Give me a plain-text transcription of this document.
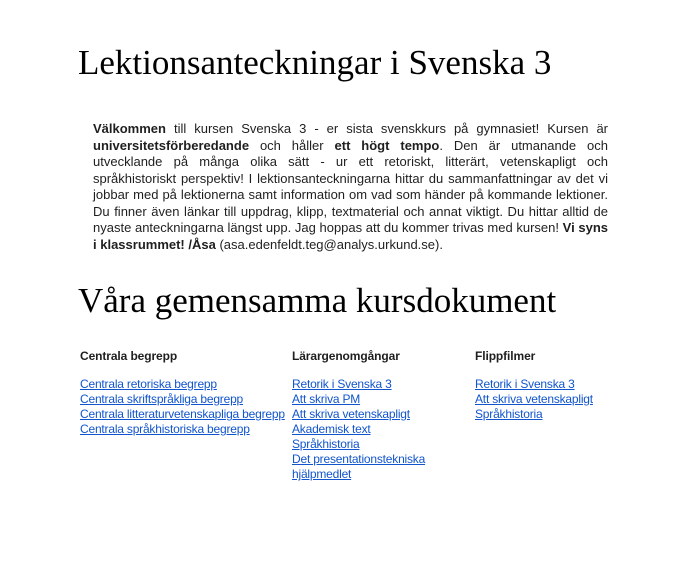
Lektionsanteckningar i Svenska 3

Välkommen till kursen Svenska 3 - er sista svenskkurs på gymnasiet! Kursen är universitetsförberedande och håller ett högt tempo. Den är utmanande och utvecklande på många olika sätt - ur ett retoriskt, litterärt, vetenskapligt och språkhistoriskt perspektiv! I lektionsanteckningarna hittar du sammanfattningar av det vi jobbar med på lektionerna samt information om vad som händer på kommande lektioner. Du finner även länkar till uppdrag, klipp, textmaterial och annat viktigt. Du hittar alltid de nyaste anteckningarna längst upp. Jag hoppas att du kommer trivas med kursen! Vi syns i klassrummet! /Åsa (asa.edenfeldt.teg@analys.urkund.se).

Våra gemensamma kursdokument
Centrala begrepp
Centrala retoriska begrepp
Centrala skriftspråkliga begrepp
Centrala litteraturvetenskapliga begrepp
Centrala språkhistoriska begrepp
Lärargenomgångar
Retorik i Svenska 3
Att skriva PM
Att skriva vetenskapligt
Akademisk text
Språkhistoria
Det presentationstekniska hjälpmedlet
Flippfilmer
Retorik i Svenska 3
Att skriva vetenskapligt
Språkhistoria
